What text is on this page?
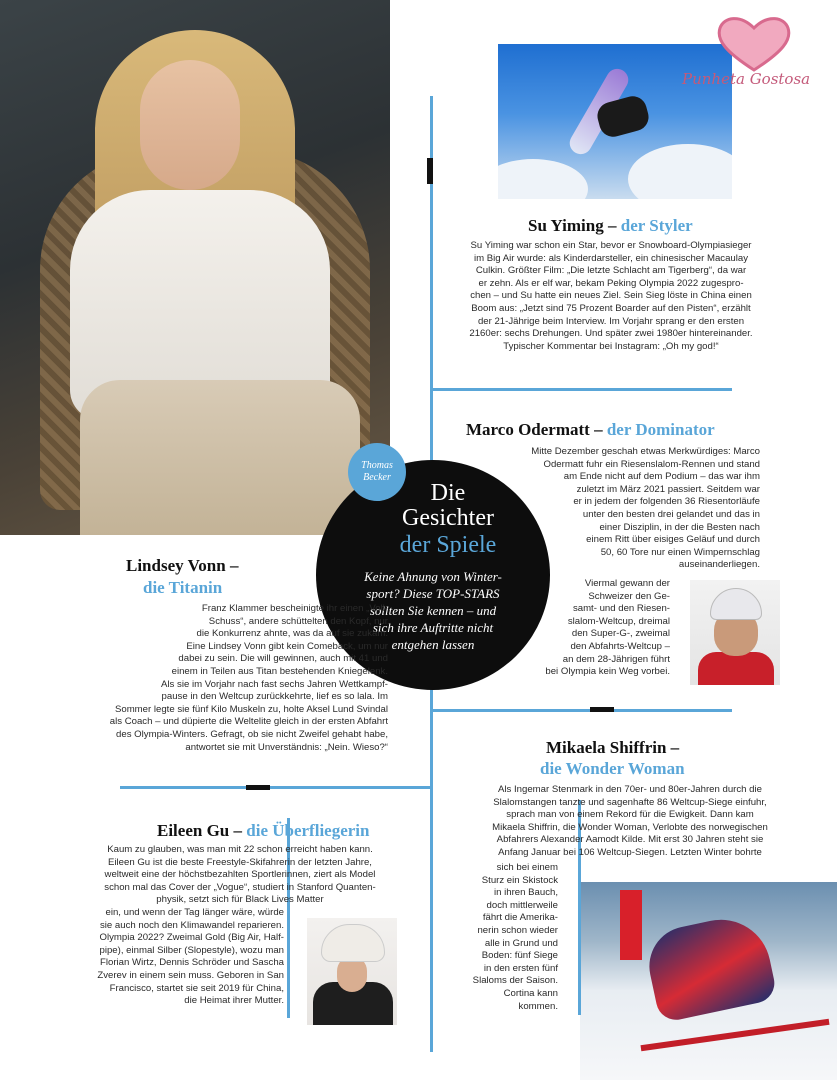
Punheta Gostosa
Thomas
Becker
Die
Gesichter
der Spiele

Keine Ahnung von Winter-

sport? Diese TOP-STARS

sollten Sie kennen – und

sich ihre Auftritte nicht

entgehen lassen

Su Yiming – der Styler

Su Yiming war schon ein Star, bevor er Snowboard-Olympiasieger

im Big Air wurde: als Kinderdarsteller, ein chinesischer Macaulay

Culkin. Größter Film: „Die letzte Schlacht am Tigerberg“, da war

er zehn. Als er elf war, bekam Peking Olympia 2022 zugespro-

chen – und Su hatte ein neues Ziel. Sein Sieg löste in China einen

Boom aus: „Jetzt sind 75 Prozent Boarder auf den Pisten“, erzählt

der 21-Jährige beim Interview. Im Vorjahr sprang er den ersten

2160er: sechs Drehungen. Und später zwei 1980er hintereinander.

Typischer Kommentar bei Instagram: „Oh my god!“

Marco Odermatt – der Dominator

Mitte Dezember geschah etwas Merkwürdiges: Marco

Odermatt fuhr ein Riesenslalom-Rennen und stand

am Ende nicht auf dem Podium – das war ihm

zuletzt im März 2021 passiert. Seitdem war

er in jedem der folgenden 36 Riesentorläufe

unter den besten drei gelandet und das in

einer Disziplin, in der die Besten nach

einem Ritt über eisiges Geläuf und durch

50, 60 Tore nur einen Wimpernschlag

auseinanderliegen.

Viermal gewann der

Schweizer den Ge-

samt- und den Riesen-

slalom-Weltcup, dreimal

den Super-G-, zweimal

den Abfahrts-Weltcup –

an dem 28-Jährigen führt

bei Olympia kein Weg vorbei.

Lindsey Vonn –
die Titanin

Franz Klammer bescheinigte ihr einen „Voll-

Schuss“, andere schüttelten den Kopf, nur

die Konkurrenz ahnte, was da auf sie zukam.

Eine Lindsey Vonn gibt kein Comeback, um nur

dabei zu sein. Die will gewinnen, auch mit 41 und

einem in Teilen aus Titan bestehenden Kniegelenk.

Als sie im Vorjahr nach fast sechs Jahren Wettkampf-

pause in den Weltcup zurückkehrte, lief es so lala. Im

Sommer legte sie fünf Kilo Muskeln zu, holte Aksel Lund Svindal

als Coach – und düpierte die Weltelite gleich in der ersten Abfahrt

des Olympia-Winters. Gefragt, ob sie nicht Zweifel gehabt habe,

antwortet sie mit Unverständnis: „Nein. Wieso?“	Mikaela Shiffrin –
die Wonder Woman

Als Ingemar Stenmark in den 70er- und 80er-Jahren durch die

Slalomstangen tanzte und sagenhafte 86 Weltcup-Siege einfuhr,

sprach man von einem Rekord für die Ewigkeit. Dann kam

Mikaela Shiffrin, die Wonder Woman, Verlobte des norwegischen

Abfahrers Alexander Aamodt Kilde. Mit erst 30 Jahren steht sie

Anfang Januar bei 106 Weltcup-Siegen. Letzten Winter bohrte

sich bei einem

Sturz ein Skistock

in ihren Bauch,

doch mittlerweile

fährt die Amerika-

nerin schon wieder

alle in Grund und

Boden: fünf Siege

in den ersten fünf

Slaloms der Saison.

Cortina kann

kommen.

Eileen Gu – die Überfliegerin

Kaum zu glauben, was man mit 22 schon erreicht haben kann.

Eileen Gu ist die beste Freestyle-Skifahrerin der letzten Jahre,

weltweit eine der höchstbezahlten Sportlerinnen, ziert als Model

schon mal das Cover der „Vogue“, studiert in Stanford Quanten-

physik, setzt sich für Black Lives Matter

ein, und wenn der Tag länger wäre, würde

sie auch noch den Klimawandel reparieren.

Olympia 2022? Zweimal Gold (Big Air, Half-

pipe), einmal Silber (Slopestyle), wozu man

Florian Wirtz, Dennis Schröder und Sascha

Zverev in einem sein muss. Geboren in San

Francisco, startet sie seit 2019 für China,

die Heimat ihrer Mutter.
